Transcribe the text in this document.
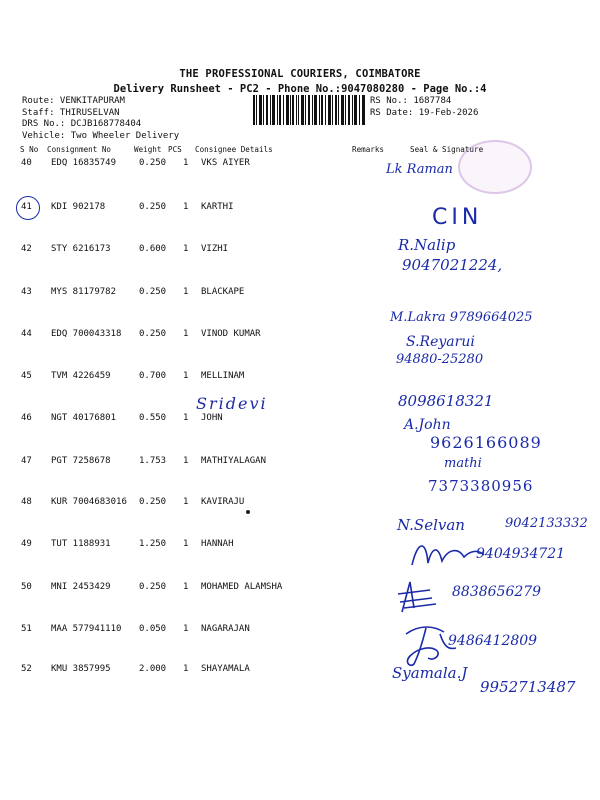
THE PROFESSIONAL COURIERS, COIMBATORE
Delivery Runsheet - PC2 - Phone No.:9047080280 - Page No.:4
Route: VENKITAPURAM
Staff: THIRUSELVAN
DRS No.: DCJB168778404
Vehicle: Two Wheeler Delivery
RS No.: 1687784
RS Date: 19-Feb-2026
S No Consignment No	Weight PCS Consignee Details	Remarks	Seal & Signature
40 EDQ 16835749	0.250 1 VKS AIYER
41 KDI 902178	0.250 1 KARTHI
42 STY 6216173	0.600 1 VIZHI
43 MYS 81179782	0.250 1 BLACKAPE
44 EDQ 700043318 0.250 1 VINOD KUMAR
45 TVM 4226459	0.700 1 MELLINAM
46 NGT 40176801	0.550 1 JOHN
47 PGT 7258678	1.753 1 MATHIYALAGAN
48 KUR 7004683016 0.250 1 KAVIRAJU
49 TUT 1188931	1.250 1 HANNAH
50 MNI 2453429	0.250 1 MOHAMED ALAMSHA
51 MAA 577941110 0.050 1 NAGARAJAN
52 KMU 3857995	2.000 1 SHAYAMALA
Lk Raman
CIN
R.Nalip
9047021224,
M.Lakra 9789664025
S.Reyarui
94880-25280
Sridevi	8098618321
A.John
9626166089
mathi
7373380956
N.Selvan	9042133332
9404934721
8838656279
9486412809
Syamala.J
9952713487
